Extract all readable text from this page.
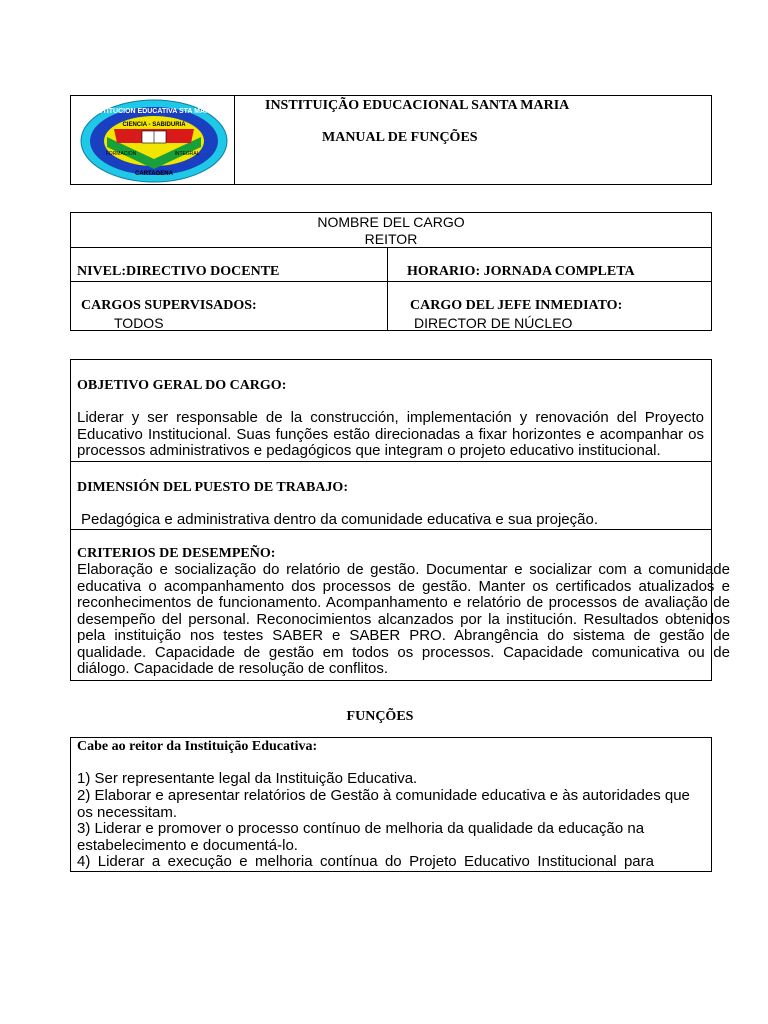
CIENCIA - SABIDURIA
INSTITUCION EDUCATIVA STA MARIA
FORMACION	INTEGRAL
CARTAGENA
INSTITUIÇÃO EDUCACIONAL SANTA MARIA
MANUAL DE FUNÇÕES
NOMBRE DEL CARGO
REITOR
NIVEL:DIRECTIVO DOCENTE	HORARIO: JORNADA COMPLETA
CARGOS SUPERVISADOS:
TODOS
CARGO DEL JEFE INMEDIATO:
DIRECTOR DE NÚCLEO
OBJETIVO GERAL DO CARGO:

Liderar y ser responsable de la construcción, implementación y renovación del Proyecto Educativo Institucional. Suas funções estão direcionadas a fixar horizontes e acompanhar os processos administrativos e pedagógicos que integram o projeto educativo institucional.

DIMENSIÓN DEL PUESTO DE TRABAJO:

Pedagógica e administrativa dentro da comunidade educativa e sua projeção.

CRITERIOS DE DESEMPEÑO:

Elaboração e socialização do relatório de gestão. Documentar e socializar com a comunidade educativa o acompanhamento dos processos de gestão. Manter os certificados atualizados e reconhecimentos de funcionamento. Acompanhamento e relatório de processos de avaliação de desempeño del personal. Reconocimientos alcanzados por la institución. Resultados obtenidos pela instituição nos testes SABER e SABER PRO. Abrangência do sistema de gestão de qualidade. Capacidade de gestão em todos os processos. Capacidade comunicativa ou de diálogo. Capacidade de resolução de conflitos.

FUNÇÕES
Cabe ao reitor da Instituição Educativa:

1) Ser representante legal da Instituição Educativa.

2) Elaborar e apresentar relatórios de Gestão à comunidade educativa e às autoridades que os necessitam.

3) Liderar e promover o processo contínuo de melhoria da qualidade da educação na estabelecimento e documentá-lo.

4) Liderar a execução e melhoria contínua do Projeto Educativo Institucional para
